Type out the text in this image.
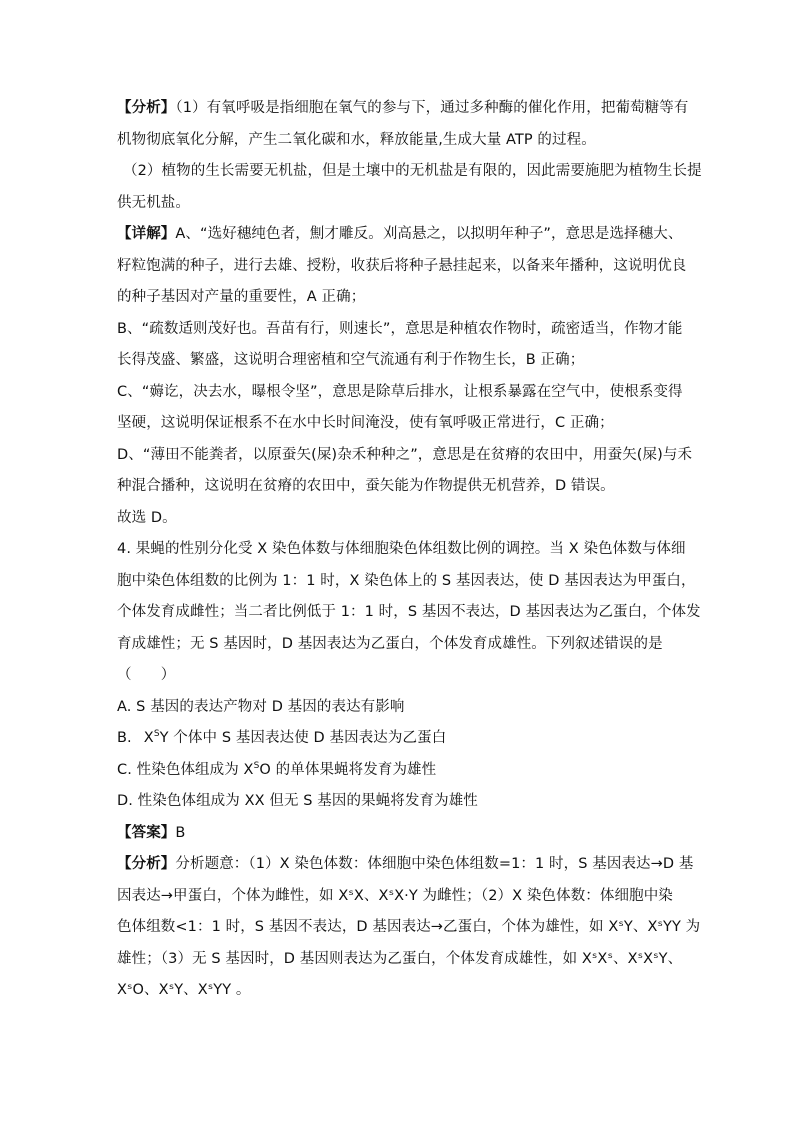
【分析】（1）有氧呼吸是指细胞在氧气的参与下，通过多种酶的催化作用，把葡萄糖等有

机物彻底氧化分解，产生二氧化碳和水，释放能量,生成大量 ATP 的过程。

（2）植物的生长需要无机盐，但是土壤中的无机盐是有限的，因此需要施肥为植物生长提

供无机盐。

【详解】A、“选好穗纯色者，劁才雕反。刈高悬之，以拟明年种子”，意思是选择穗大、

籽粒饱满的种子，进行去雄、授粉，收获后将种子悬挂起来，以备来年播种，这说明优良

的种子基因对产量的重要性，A 正确；

B、“疏数适则茂好也。吾苗有行，则速长”，意思是种植农作物时，疏密适当，作物才能

长得茂盛、繁盛，这说明合理密植和空气流通有利于作物生长，B 正确；

C、“薅讫，决去水，曝根令坚”，意思是除草后排水，让根系暴露在空气中，使根系变得

坚硬，这说明保证根系不在水中长时间淹没，使有氧呼吸正常进行，C 正确；

D、“薄田不能粪者，以原蚕矢(屎)杂禾种种之”，意思是在贫瘠的农田中，用蚕矢(屎)与禾

种混合播种，这说明在贫瘠的农田中，蚕矢能为作物提供无机营养，D 错误。

故选 D。

4. 果蝇的性别分化受 X 染色体数与体细胞染色体组数比例的调控。当 X 染色体数与体细

胞中染色体组数的比例为 1：1 时，X 染色体上的 S 基因表达，使 D 基因表达为甲蛋白，

个体发育成雌性；当二者比例低于 1：1 时，S 基因不表达，D 基因表达为乙蛋白，个体发

育成雄性；无 S 基因时，D 基因表达为乙蛋白，个体发育成雄性。下列叙述错误的是

（　　）

A. S 基因的表达产物对 D 基因的表达有影响

B. $X^SY$ 个体中 S 基因表达使 D 基因表达为乙蛋白

C. 性染色体组成为 $X^SO$ 的单体果蝇将发育为雄性

D. 性染色体组成为 XX 但无 S 基因的果蝇将发育为雄性

【答案】B

【分析】分析题意：（1）X 染色体数：体细胞中染色体组数=1：1 时，S 基因表达→D 基

因表达→甲蛋白，个体为雌性，如 XˢX、XˢX·Y 为雌性；（2）X 染色体数：体细胞中染

色体组数<1：1 时，S 基因不表达，D 基因表达→乙蛋白，个体为雄性，如 XˢY、XˢYY 为

雄性；（3）无 S 基因时，D 基因则表达为乙蛋白，个体发育成雄性，如 XˢXˢ、XˢXˢY、

XˢO、XˢY、XˢYY 。
